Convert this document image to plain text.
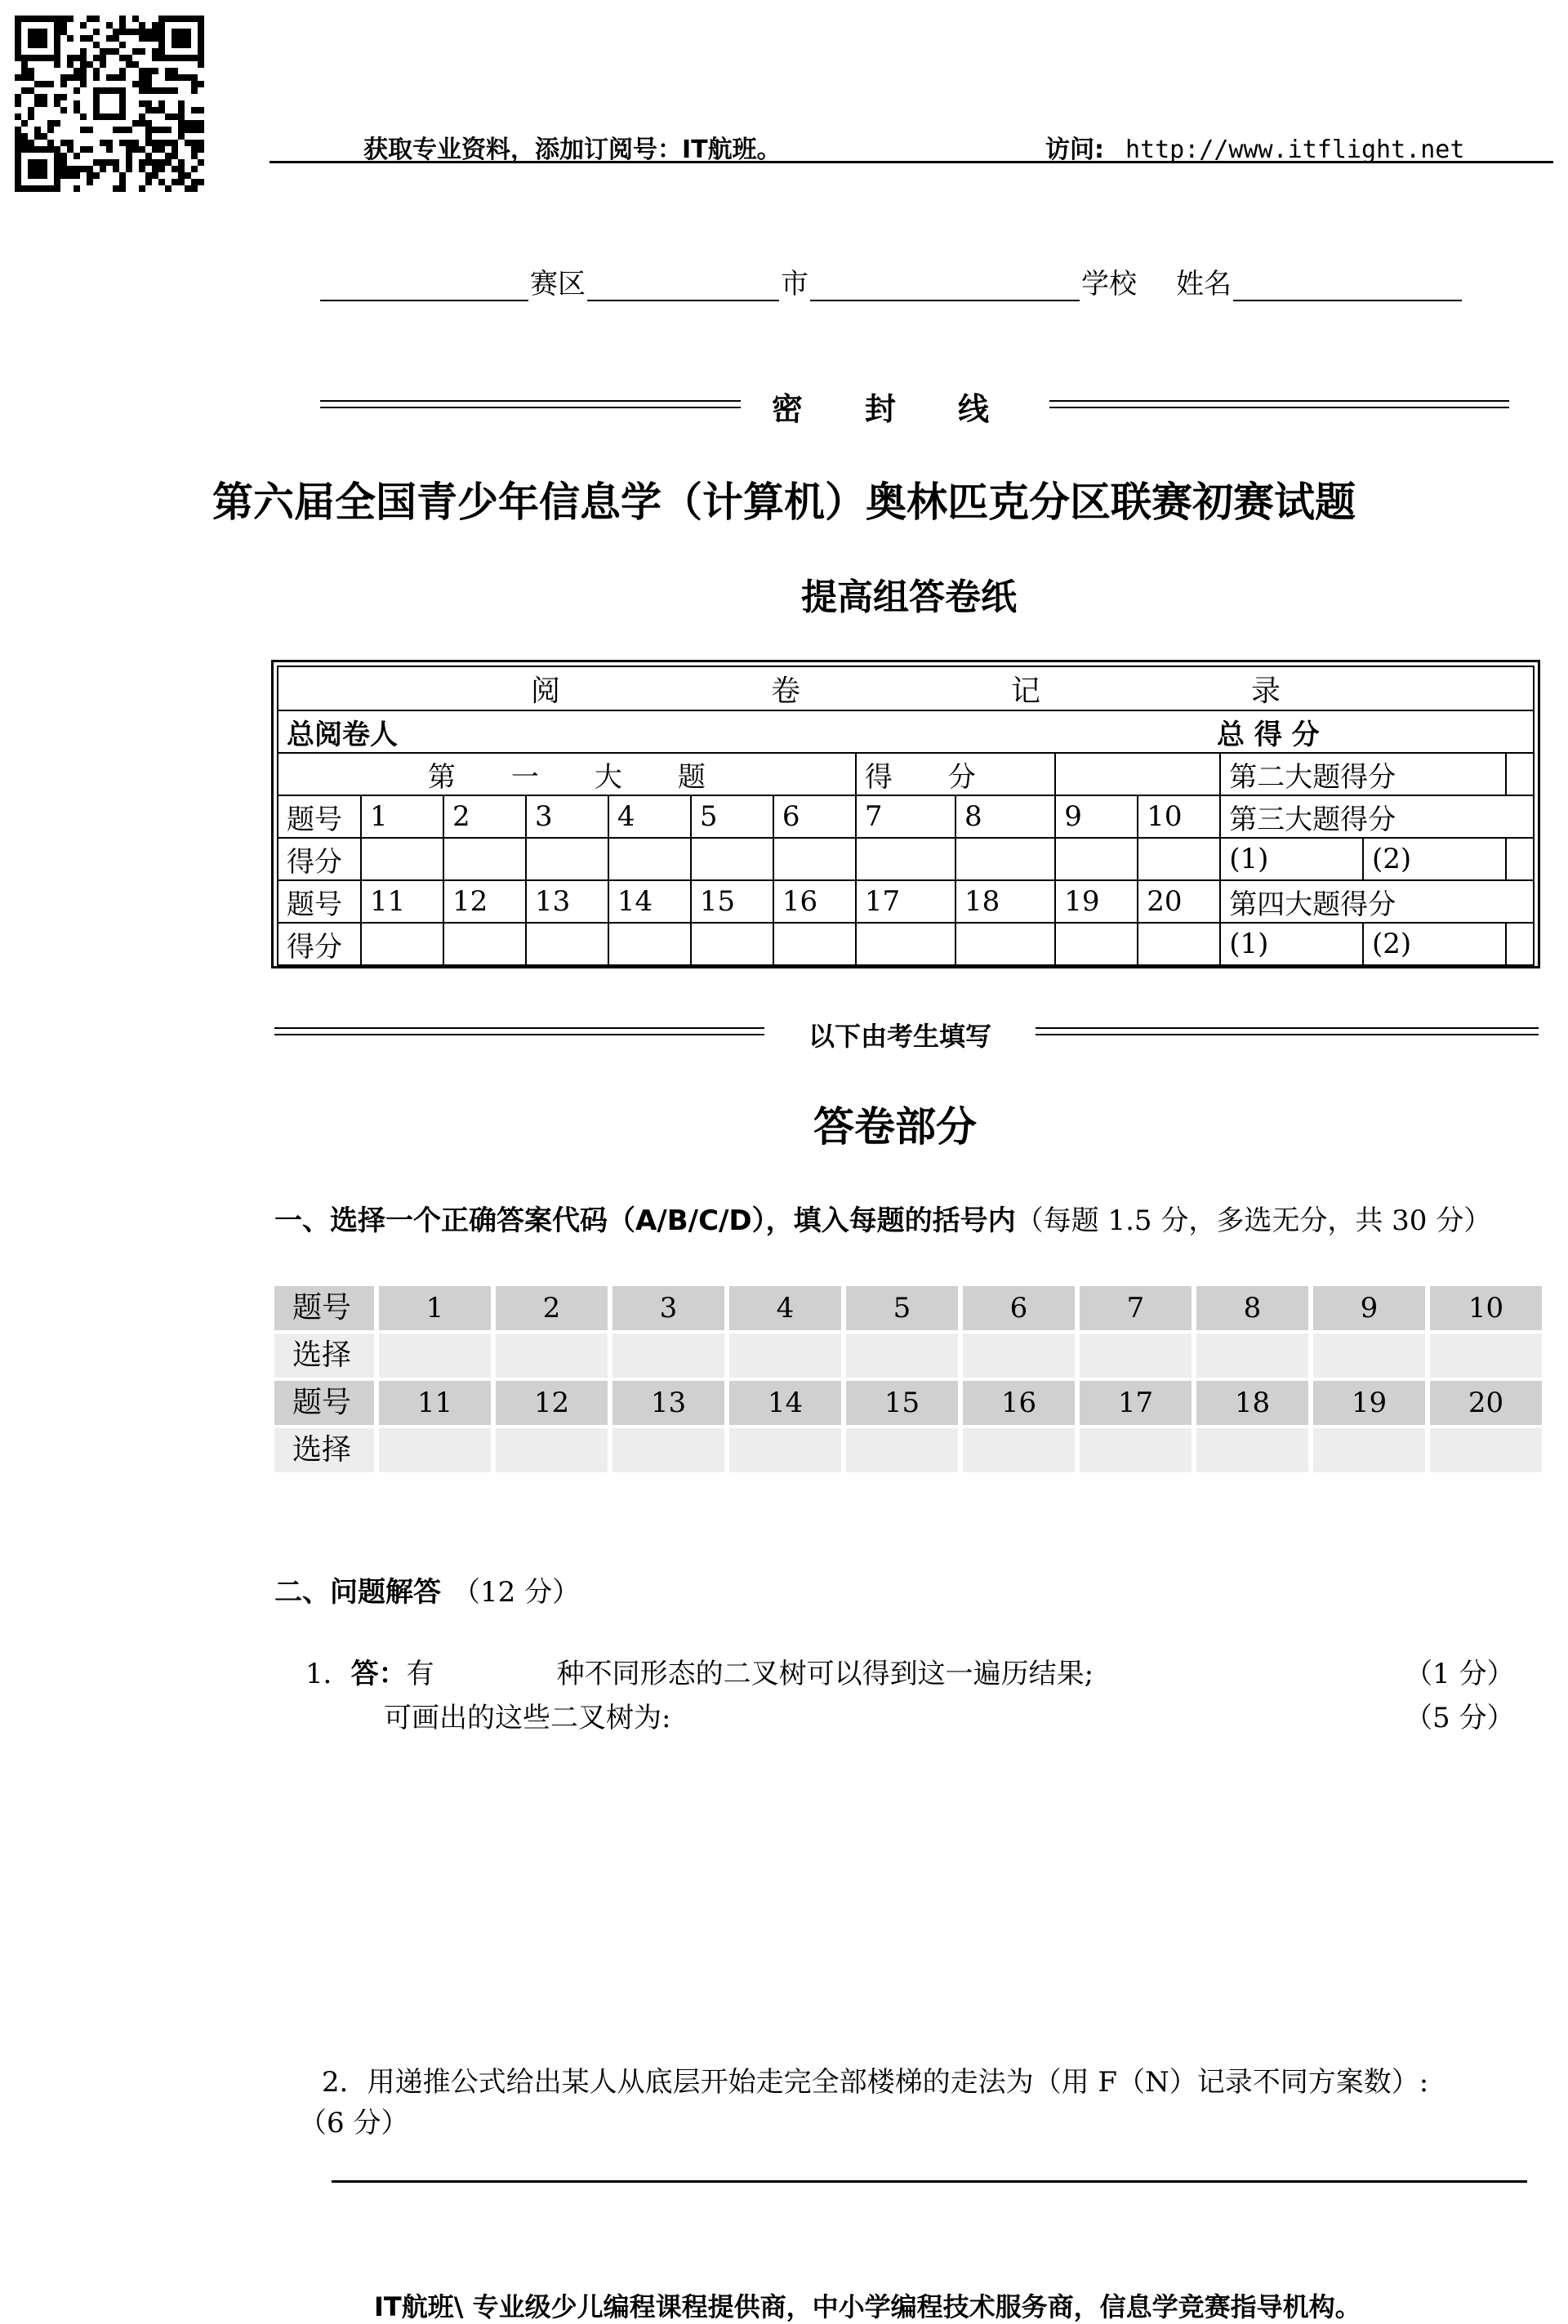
获取专业资料，添加订阅号：IT航班。	访问: http://www.itflight.net
赛区	市	学校 姓名
密　　封　　线
第六届全国青少年信息学（计算机）奥林匹克分区联赛初赛试题
提高组答卷纸
阅 卷 记 录													

总阅卷人 总 得 分													

第　　一　　大　　题							得　　分				第二大题得分		
题号	1	2	3	4	5	6	7	8	9	10	第三大题得分		
得分											(1)	(2)	
题号	11	12	13	14	15	16	17	18	19	20	第四大题得分		
得分											(1)	(2)	
以下由考生填写
答卷部分
一、选择一个正确答案代码（A/B/C/D），填入每题的括号内（每题 1.5 分，多选无分，共 30 分）
题号	1	2	3	4	5	6	7	8	9	10
选择
题号	11	12	13	14	15	16	17	18	19	20
选择
二、问题解答 （12 分）
1．答：有	种不同形态的二叉树可以得到这一遍历结果;	（1 分）
可画出的这些二叉树为:	（5 分）
2．用递推公式给出某人从底层开始走完全部楼梯的走法为（用 F（N）记录不同方案数）:
（6 分）
IT航班\ 专业级少儿编程课程提供商，中小学编程技术服务商，信息学竞赛指导机构。
